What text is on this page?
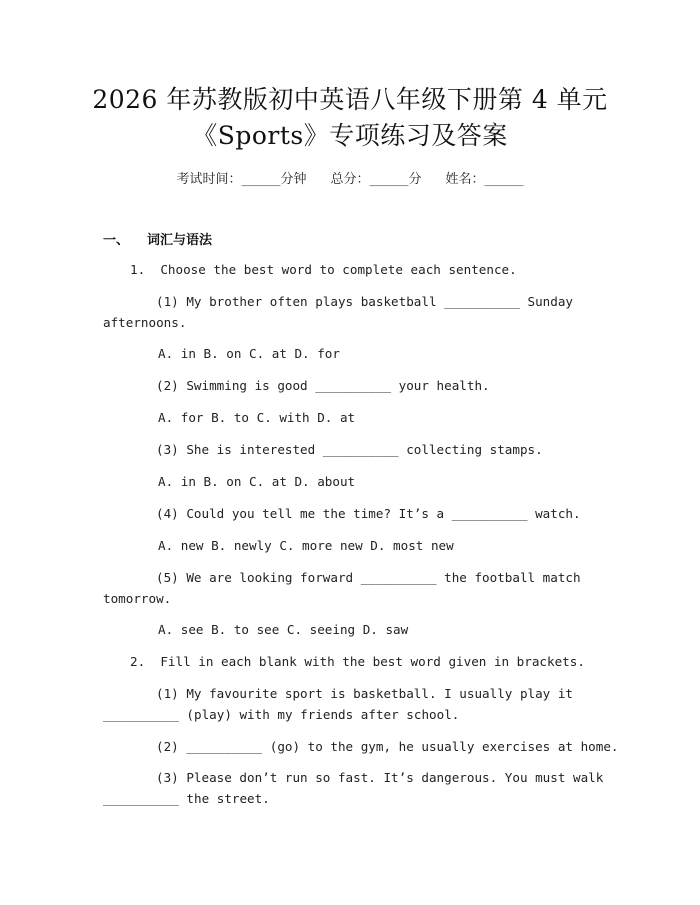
2026 年苏教版初中英语八年级下册第 4 单元
《Sports》专项练习及答案
考试时间：______分钟 总分：______分 姓名：______
一、 词汇与语法
1.  Choose the best word to complete each sentence.
(1) My brother often plays basketball __________ Sunday
afternoons.
A. in B. on C. at D. for
(2) Swimming is good __________ your health.
A. for B. to C. with D. at
(3) She is interested __________ collecting stamps.
A. in B. on C. at D. about
(4) Could you tell me the time? It’s a __________ watch.
A. new B. newly C. more new D. most new
(5) We are looking forward __________ the football match
tomorrow.
A. see B. to see C. seeing D. saw
2.  Fill in each blank with the best word given in brackets.
(1) My favourite sport is basketball. I usually play it
__________ (play) with my friends after school.
(2) __________ (go) to the gym, he usually exercises at home.
(3) Please don’t run so fast. It’s dangerous. You must walk
__________ the street.
